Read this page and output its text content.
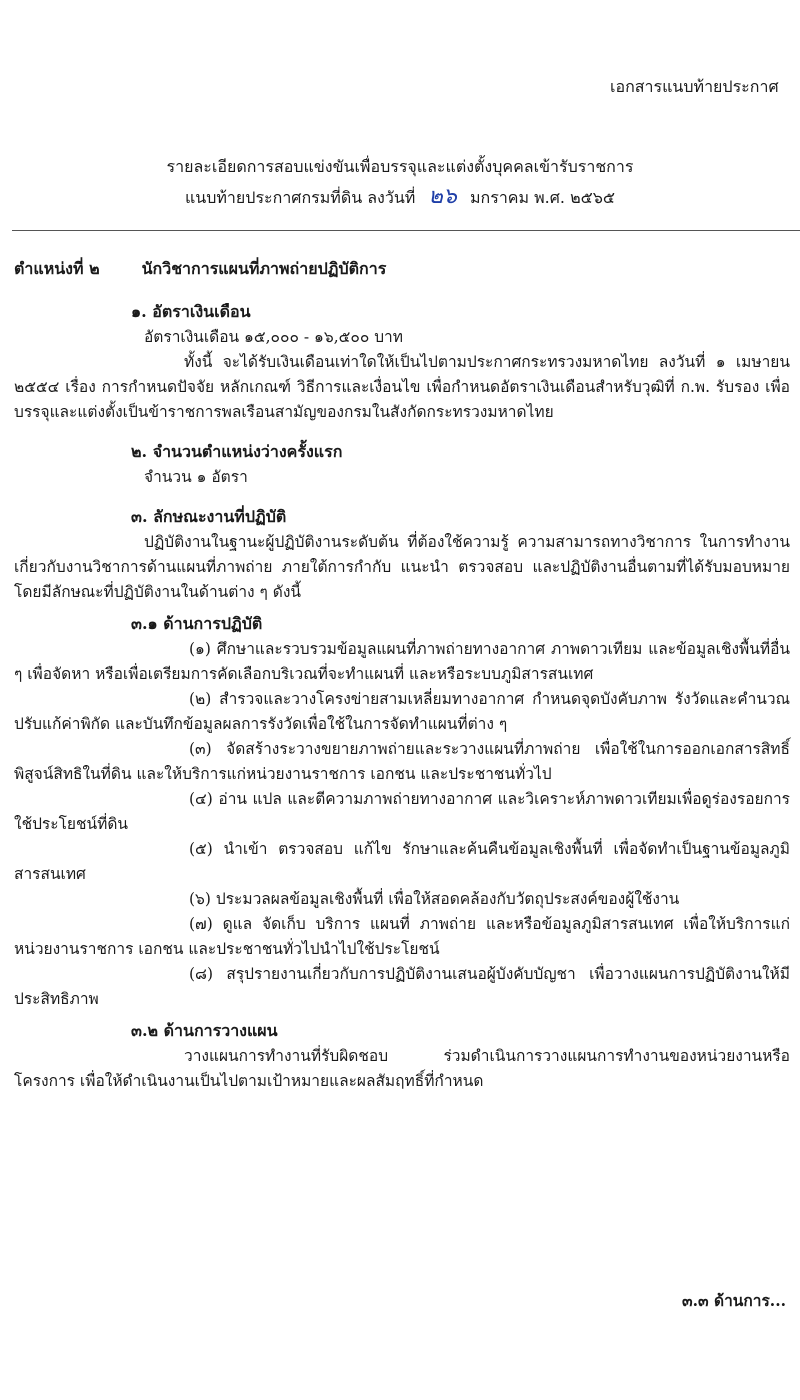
เอกสารแนบท้ายประกาศ
รายละเอียดการสอบแข่งขันเพื่อบรรจุและแต่งตั้งบุคคลเข้ารับราชการ
แนบท้ายประกาศกรมที่ดิน ลงวันที่ ๒๖ มกราคม พ.ศ. ๒๕๖๕
ตำแหน่งที่ ๒	นักวิชาการแผนที่ภาพถ่ายปฏิบัติการ
๑. อัตราเงินเดือน

อัตราเงินเดือน ๑๕,๐๐๐ - ๑๖,๕๐๐ บาท

ทั้งนี้ จะได้รับเงินเดือนเท่าใดให้เป็นไปตามประกาศกระทรวงมหาดไทย ลงวันที่ ๑ เมษายน ๒๕๕๔ เรื่อง การกำหนดปัจจัย หลักเกณฑ์ วิธีการและเงื่อนไข เพื่อกำหนดอัตราเงินเดือนสำหรับวุฒิที่ ก.พ. รับรอง เพื่อบรรจุและแต่งตั้งเป็นข้าราชการพลเรือนสามัญของกรมในสังกัดกระทรวงมหาดไทย

๒. จำนวนตำแหน่งว่างครั้งแรก

จำนวน ๑ อัตรา

๓. ลักษณะงานที่ปฏิบัติ

ปฏิบัติงานในฐานะผู้ปฏิบัติงานระดับต้น ที่ต้องใช้ความรู้ ความสามารถทางวิชาการ ในการทำงานเกี่ยวกับงานวิชาการด้านแผนที่ภาพถ่าย ภายใต้การกำกับ แนะนำ ตรวจสอบ และปฏิบัติงานอื่นตามที่ได้รับมอบหมาย โดยมีลักษณะที่ปฏิบัติงานในด้านต่าง ๆ ดังนี้

๓.๑ ด้านการปฏิบัติ

(๑) ศึกษาและรวบรวมข้อมูลแผนที่ภาพถ่ายทางอากาศ ภาพดาวเทียม และข้อมูลเชิงพื้นที่อื่น ๆ เพื่อจัดหา หรือเพื่อเตรียมการคัดเลือกบริเวณที่จะทำแผนที่ และหรือระบบภูมิสารสนเทศ

(๒) สำรวจและวางโครงข่ายสามเหลี่ยมทางอากาศ กำหนดจุดบังคับภาพ รังวัดและคำนวณ ปรับแก้ค่าพิกัด และบันทึกข้อมูลผลการรังวัดเพื่อใช้ในการจัดทำแผนที่ต่าง ๆ

(๓) จัดสร้างระวางขยายภาพถ่ายและระวางแผนที่ภาพถ่าย เพื่อใช้ในการออกเอกสารสิทธิ์พิสูจน์สิทธิในที่ดิน และให้บริการแก่หน่วยงานราชการ เอกชน และประชาชนทั่วไป

(๔) อ่าน แปล และตีความภาพถ่ายทางอากาศ และวิเคราะห์ภาพดาวเทียมเพื่อดูร่องรอยการใช้ประโยชน์ที่ดิน

(๕) นำเข้า ตรวจสอบ แก้ไข รักษาและค้นคืนข้อมูลเชิงพื้นที่ เพื่อจัดทำเป็นฐานข้อมูลภูมิสารสนเทศ

(๖) ประมวลผลข้อมูลเชิงพื้นที่ เพื่อให้สอดคล้องกับวัตถุประสงค์ของผู้ใช้งาน

(๗) ดูแล จัดเก็บ บริการ แผนที่ ภาพถ่าย และหรือข้อมูลภูมิสารสนเทศ เพื่อให้บริการแก่หน่วยงานราชการ เอกชน และประชาชนทั่วไปนำไปใช้ประโยชน์

(๘) สรุปรายงานเกี่ยวกับการปฏิบัติงานเสนอผู้บังคับบัญชา เพื่อวางแผนการปฏิบัติงานให้มีประสิทธิภาพ

๓.๒ ด้านการวางแผน

วางแผนการทำงานที่รับผิดชอบ ร่วมดำเนินการวางแผนการทำงานของหน่วยงานหรือโครงการ เพื่อให้ดำเนินงานเป็นไปตามเป้าหมายและผลสัมฤทธิ์ที่กำหนด

๓.๓ ด้านการ...
